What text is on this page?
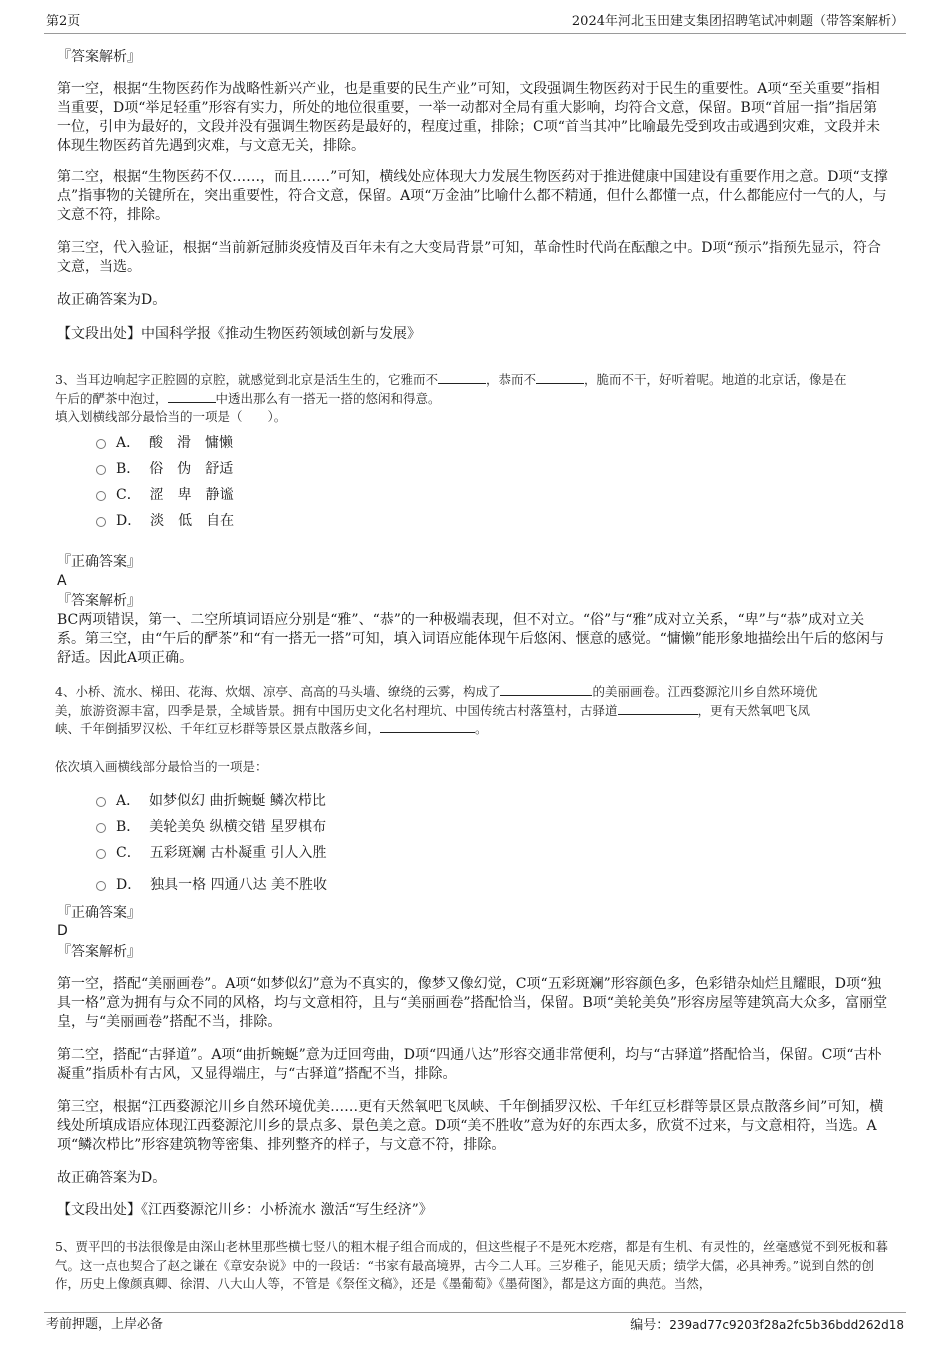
第2页	2024年河北玉田建支集团招聘笔试冲刺题（带答案解析）
『答案解析』
第一空，根据“生物医药作为战略性新兴产业，也是重要的民生产业”可知，文段强调生物医药对于民生的重要性。A项“至关重要”指相当重要，D项“举足轻重”形容有实力，所处的地位很重要，一举一动都对全局有重大影响，均符合文意，保留。B项“首屈一指”指居第一位，引申为最好的，文段并没有强调生物医药是最好的，程度过重，排除；C项“首当其冲”比喻最先受到攻击或遇到灾难，文段并未体现生物医药首先遇到灾难，与文意无关，排除。
第二空，根据“生物医药不仅……，而且……”可知，横线处应体现大力发展生物医药对于推进健康中国建设有重要作用之意。D项“支撑点”指事物的关键所在，突出重要性，符合文意，保留。A项“万金油”比喻什么都不精通，但什么都懂一点，什么都能应付一气的人，与文意不符，排除。
第三空，代入验证，根据“当前新冠肺炎疫情及百年未有之大变局背景”可知，革命性时代尚在酝酿之中。D项“预示”指预先显示，符合文意，当选。
故正确答案为D。
【文段出处】中国科学报《推动生物医药领域创新与发展》
3、当耳边响起字正腔圆的京腔，就感觉到北京是活生生的，它雅而不	，恭而不	，脆而不干，好听着呢。地道的北京话，像是在
午后的酽茶中泡过，	中透出那么有一搭无一搭的悠闲和得意。
填入划横线部分最恰当的一项是（　　）。
A． 酸　滑　慵懒
B． 俗　伪　舒适
C． 涩　卑　静谧
D． 淡　低　自在
『正确答案』
A
『答案解析』
BC两项错误，第一、二空所填词语应分别是“雅”、“恭”的一种极端表现，但不对立。“俗”与“雅”成对立关系，“卑”与“恭”成对立关系。第三空，由“午后的酽茶”和“有一搭无一搭”可知，填入词语应能体现午后悠闲、惬意的感觉。“慵懒”能形象地描绘出午后的悠闲与舒适。因此A项正确。
4、小桥、流水、梯田、花海、炊烟、凉亭、高高的马头墙、缭绕的云雾，构成了	的美丽画卷。江西婺源沱川乡自然环境优
美，旅游资源丰富，四季是景，全域皆景。拥有中国历史文化名村理坑、中国传统古村落篁村，古驿道	，更有天然氧吧飞凤
峡、千年倒插罗汉松、千年红豆杉群等景区景点散落乡间，	。
依次填入画横线部分最恰当的一项是：
A． 如梦似幻 曲折蜿蜒 鳞次栉比
B． 美轮美奂 纵横交错 星罗棋布
C． 五彩斑斓 古朴凝重 引人入胜
D． 独具一格 四通八达 美不胜收
『正确答案』
D
『答案解析』
第一空，搭配“美丽画卷”。A项“如梦似幻”意为不真实的，像梦又像幻觉，C项“五彩斑斓”形容颜色多，色彩错杂灿烂且耀眼，D项“独具一格”意为拥有与众不同的风格，均与文意相符，且与“美丽画卷”搭配恰当，保留。B项“美轮美奂”形容房屋等建筑高大众多，富丽堂皇，与“美丽画卷”搭配不当，排除。
第二空，搭配“古驿道”。A项“曲折蜿蜒”意为迂回弯曲，D项“四通八达”形容交通非常便利，均与“古驿道”搭配恰当，保留。C项“古朴凝重”指质朴有古风，又显得端庄，与“古驿道”搭配不当，排除。
第三空，根据“江西婺源沱川乡自然环境优美……更有天然氧吧飞凤峡、千年倒插罗汉松、千年红豆杉群等景区景点散落乡间”可知，横线处所填成语应体现江西婺源沱川乡的景点多、景色美之意。D项“美不胜收”意为好的东西太多，欣赏不过来，与文意相符，当选。A项“鳞次栉比”形容建筑物等密集、排列整齐的样子，与文意不符，排除。
故正确答案为D。
【文段出处】《江西婺源沱川乡：小桥流水 激活“写生经济”》
5、贾平凹的书法很像是由深山老林里那些横七竖八的粗木棍子组合而成的，但这些棍子不是死木疙瘩，都是有生机、有灵性的，丝毫感觉不到死板和暮气。这一点也契合了赵之谦在《章安杂说》中的一段话：“书家有最高境界，古今二人耳。三岁稚子，能见天质；绩学大儒，必具神秀。”说到自然的创作，历史上像颜真卿、徐渭、八大山人等，不管是《祭侄文稿》，还是《墨葡萄》《墨荷图》，都是这方面的典范。当然，
考前押题，上岸必备	编号：239ad77c9203f28a2fc5b36bdd262d18
